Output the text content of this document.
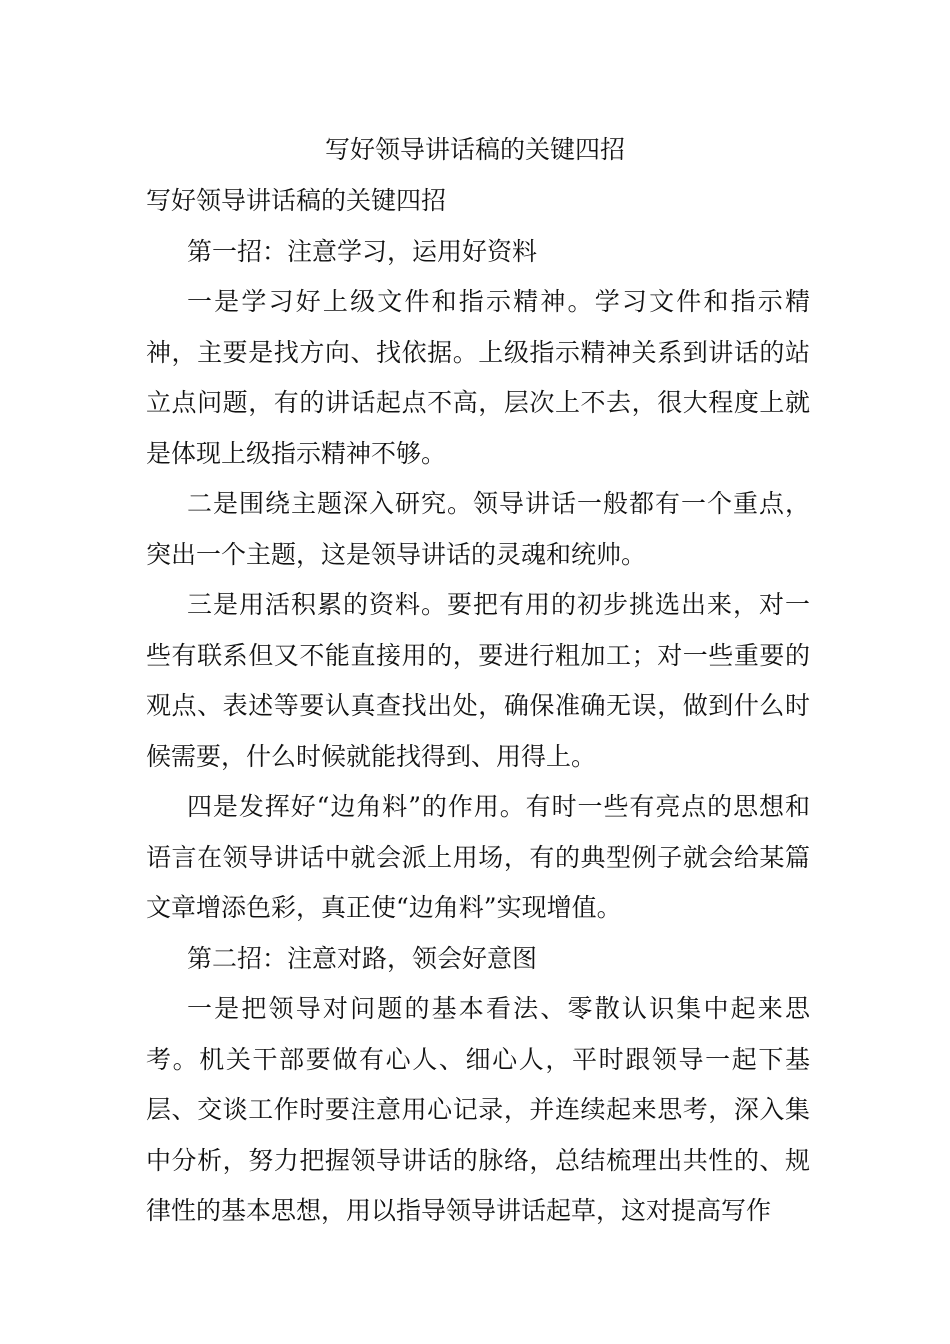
写好领导讲话稿的关键四招

写好领导讲话稿的关键四招

第一招：注意学习，运用好资料

一是学习好上级文件和指示精神。学习文件和指示精神，主要是找方向、找依据。上级指示精神关系到讲话的站立点问题，有的讲话起点不高，层次上不去，很大程度上就是体现上级指示精神不够。

二是围绕主题深入研究。领导讲话一般都有一个重点，突出一个主题，这是领导讲话的灵魂和统帅。

三是用活积累的资料。要把有用的初步挑选出来，对一些有联系但又不能直接用的，要进行粗加工；对一些重要的观点、表述等要认真查找出处，确保准确无误，做到什么时候需要，什么时候就能找得到、用得上。

四是发挥好“边角料”的作用。有时一些有亮点的思想和语言在领导讲话中就会派上用场，有的典型例子就会给某篇文章增添色彩，真正使“边角料”实现增值。

第二招：注意对路，领会好意图

一是把领导对问题的基本看法、零散认识集中起来思考。机关干部要做有心人、细心人，平时跟领导一起下基层、交谈工作时要注意用心记录，并连续起来思考，深入集中分析，努力把握领导讲话的脉络，总结梳理出共性的、规律性的基本思想，用以指导领导讲话起草，这对提高写作
